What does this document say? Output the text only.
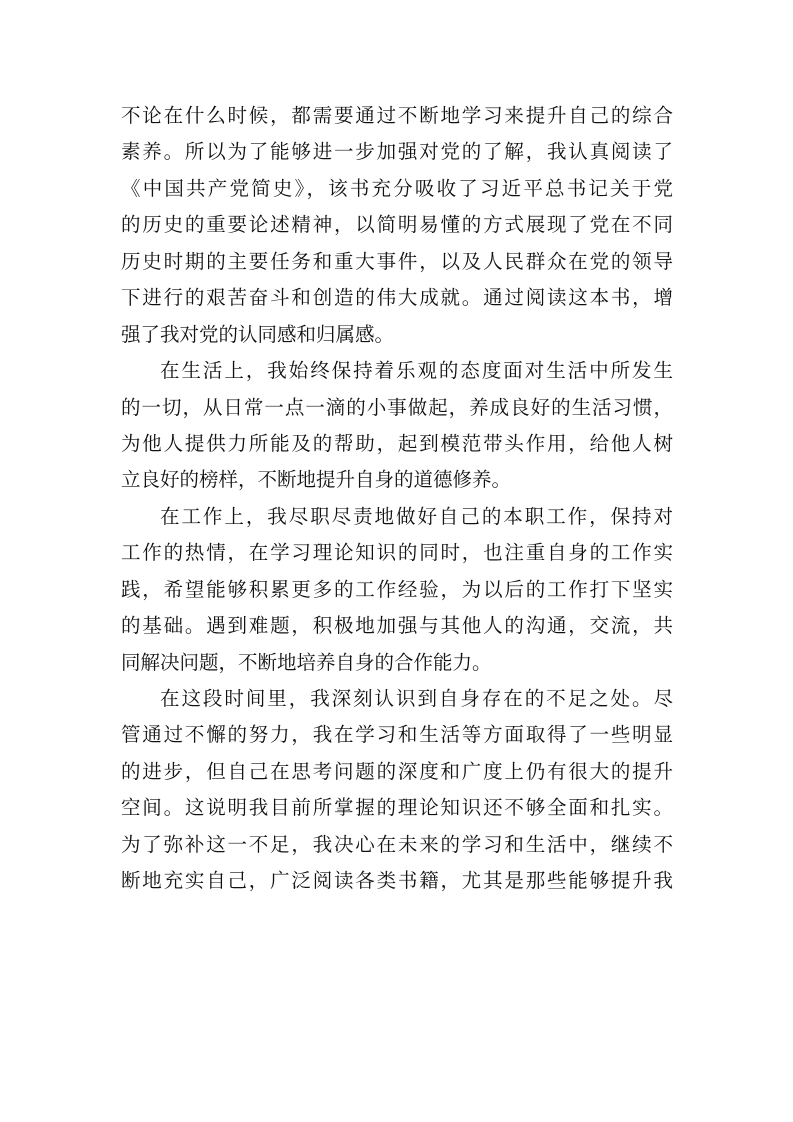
不论在什么时候，都需要通过不断地学习来提升自己的综合
素养。所以为了能够进一步加强对党的了解，我认真阅读了
《中国共产党简史》，该书充分吸收了习近平总书记关于党
的历史的重要论述精神，以简明易懂的方式展现了党在不同
历史时期的主要任务和重大事件，以及人民群众在党的领导
下进行的艰苦奋斗和创造的伟大成就。通过阅读这本书，增
强了我对党的认同感和归属感。
在生活上，我始终保持着乐观的态度面对生活中所发生
的一切，从日常一点一滴的小事做起，养成良好的生活习惯，
为他人提供力所能及的帮助，起到模范带头作用，给他人树
立良好的榜样，不断地提升自身的道德修养。
在工作上，我尽职尽责地做好自己的本职工作，保持对
工作的热情，在学习理论知识的同时，也注重自身的工作实
践，希望能够积累更多的工作经验，为以后的工作打下坚实
的基础。遇到难题，积极地加强与其他人的沟通，交流，共
同解决问题，不断地培养自身的合作能力。
在这段时间里，我深刻认识到自身存在的不足之处。尽
管通过不懈的努力，我在学习和生活等方面取得了一些明显
的进步，但自己在思考问题的深度和广度上仍有很大的提升
空间。这说明我目前所掌握的理论知识还不够全面和扎实。
为了弥补这一不足，我决心在未来的学习和生活中，继续不
断地充实自己，广泛阅读各类书籍，尤其是那些能够提升我
